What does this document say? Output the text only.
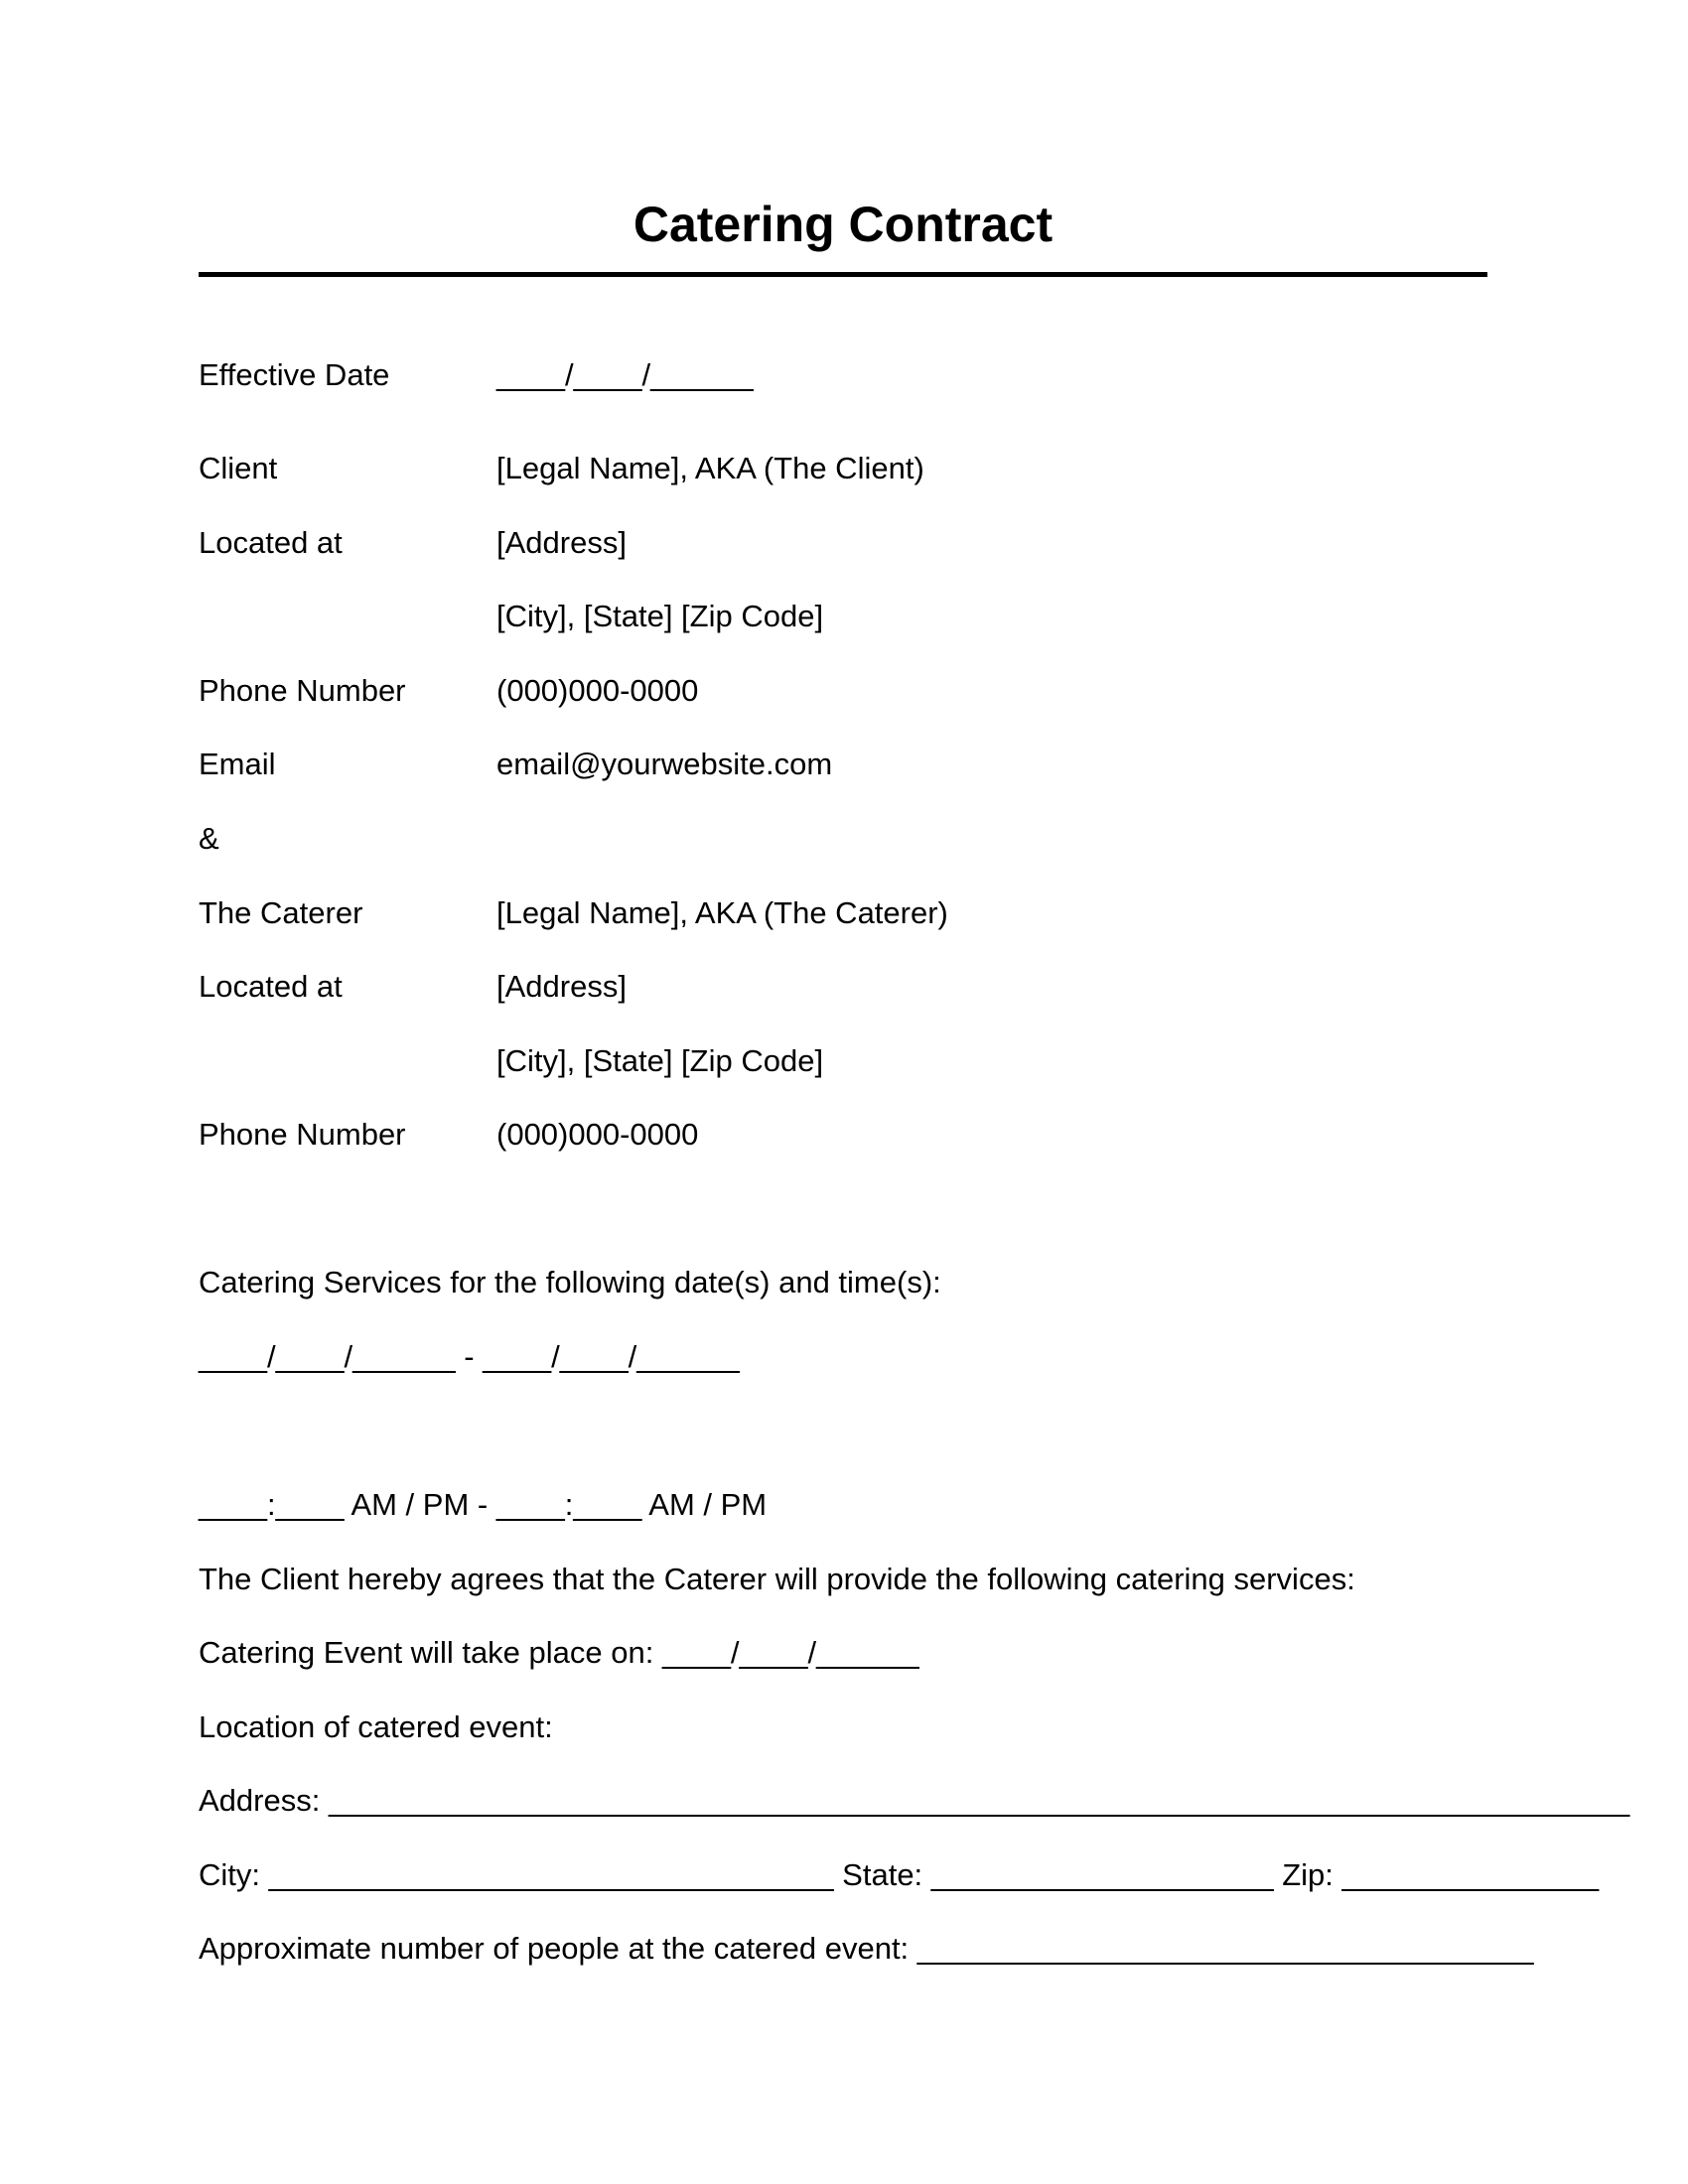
Catering Contract
Effective Date	____/____/______
Client	[Legal Name], AKA (The Client)
Located at	[Address]
[City], [State] [Zip Code]
Phone Number	(000)000-0000
Email	email@yourwebsite.com
&
The Caterer	[Legal Name], AKA (The Caterer)
Located at	[Address]
[City], [State] [Zip Code]
Phone Number	(000)000-0000
Catering Services for the following date(s) and time(s):
____/____/______ - ____/____/______
____:____ AM / PM - ____:____ AM / PM
The Client hereby agrees that the Caterer will provide the following catering services:
Catering Event will take place on: ____/____/______
Location of catered event:
Address: ____________________________________________________________________________
City: _________________________________ State: ____________________ Zip: _______________
Approximate number of people at the catered event: ____________________________________
